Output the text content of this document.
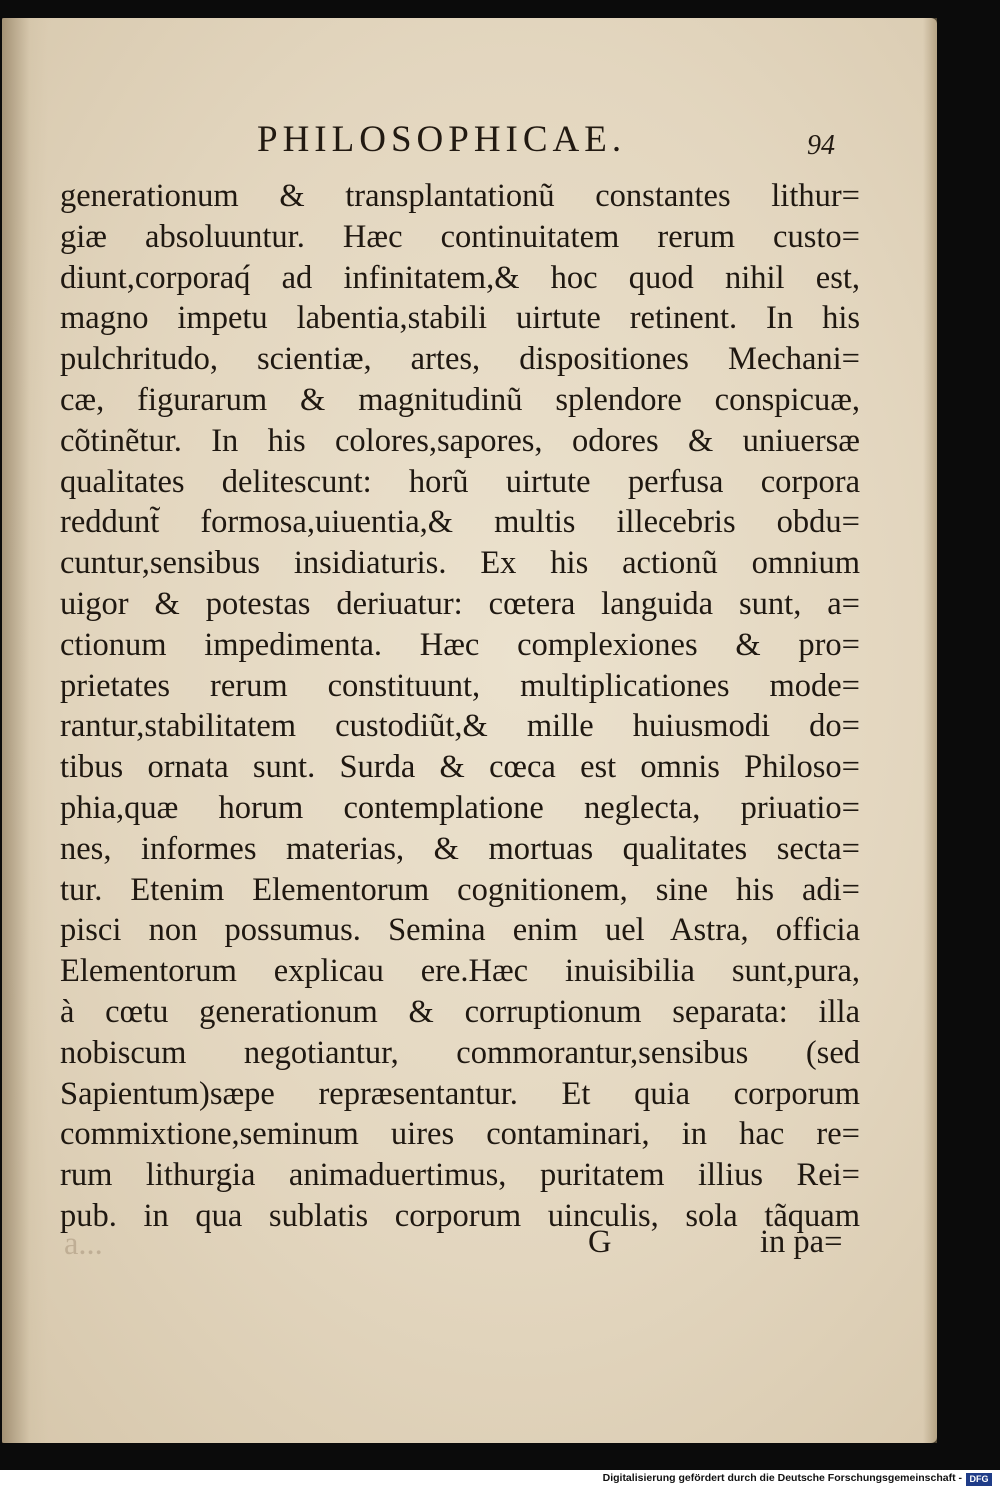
PHILOSOPHICAE.	94
generationum & transplantationũ constantes lithur=
giæ absoluuntur. Hæc continuitatem rerum custo=
diunt,corporaq́ ad infinitatem,& hoc quod nihil est,
magno impetu labentia,stabili uirtute retinent. In his
pulchritudo, scientiæ, artes, dispositiones Mechani=
cæ, figurarum & magnitudinũ splendore conspicuæ,
cõtinẽtur. In his colores,sapores, odores & uniuersæ
qualitates delitescunt: horũ uirtute perfusa corpora
reddunt̃ formosa,uiuentia,& multis illecebris obdu=
cuntur,sensibus insidiaturis. Ex his actionũ omnium
uigor & potestas deriuatur: cœtera languida sunt, a=
ctionum impedimenta. Hæc complexiones & pro=
prietates rerum constituunt, multiplicationes mode=
rantur,stabilitatem custodiũt,& mille huiusmodi do=
tibus ornata sunt. Surda & cœca est omnis Philoso=
phia,quæ horum contemplatione neglecta, priuatio=
nes, informes materias, & mortuas qualitates secta=
tur. Etenim Elementorum cognitionem, sine his adi=
pisci non possumus. Semina enim uel Astra, officia
Elementorum explicau ere.Hæc inuisibilia sunt,pura,
à cœtu generationum & corruptionum separata: illa
nobiscum negotiantur, commorantur,sensibus (sed
Sapientum)sæpe repræsentantur. Et quia corporum
commixtione,seminum uires contaminari, in hac re=
rum lithurgia animaduertimus, puritatem illius Rei=
pub. in qua sublatis corporum uinculis, sola tãquam
a...	G	in pa=
Digitalisierung gefördert durch die Deutsche Forschungsgemeinschaft - DFG
